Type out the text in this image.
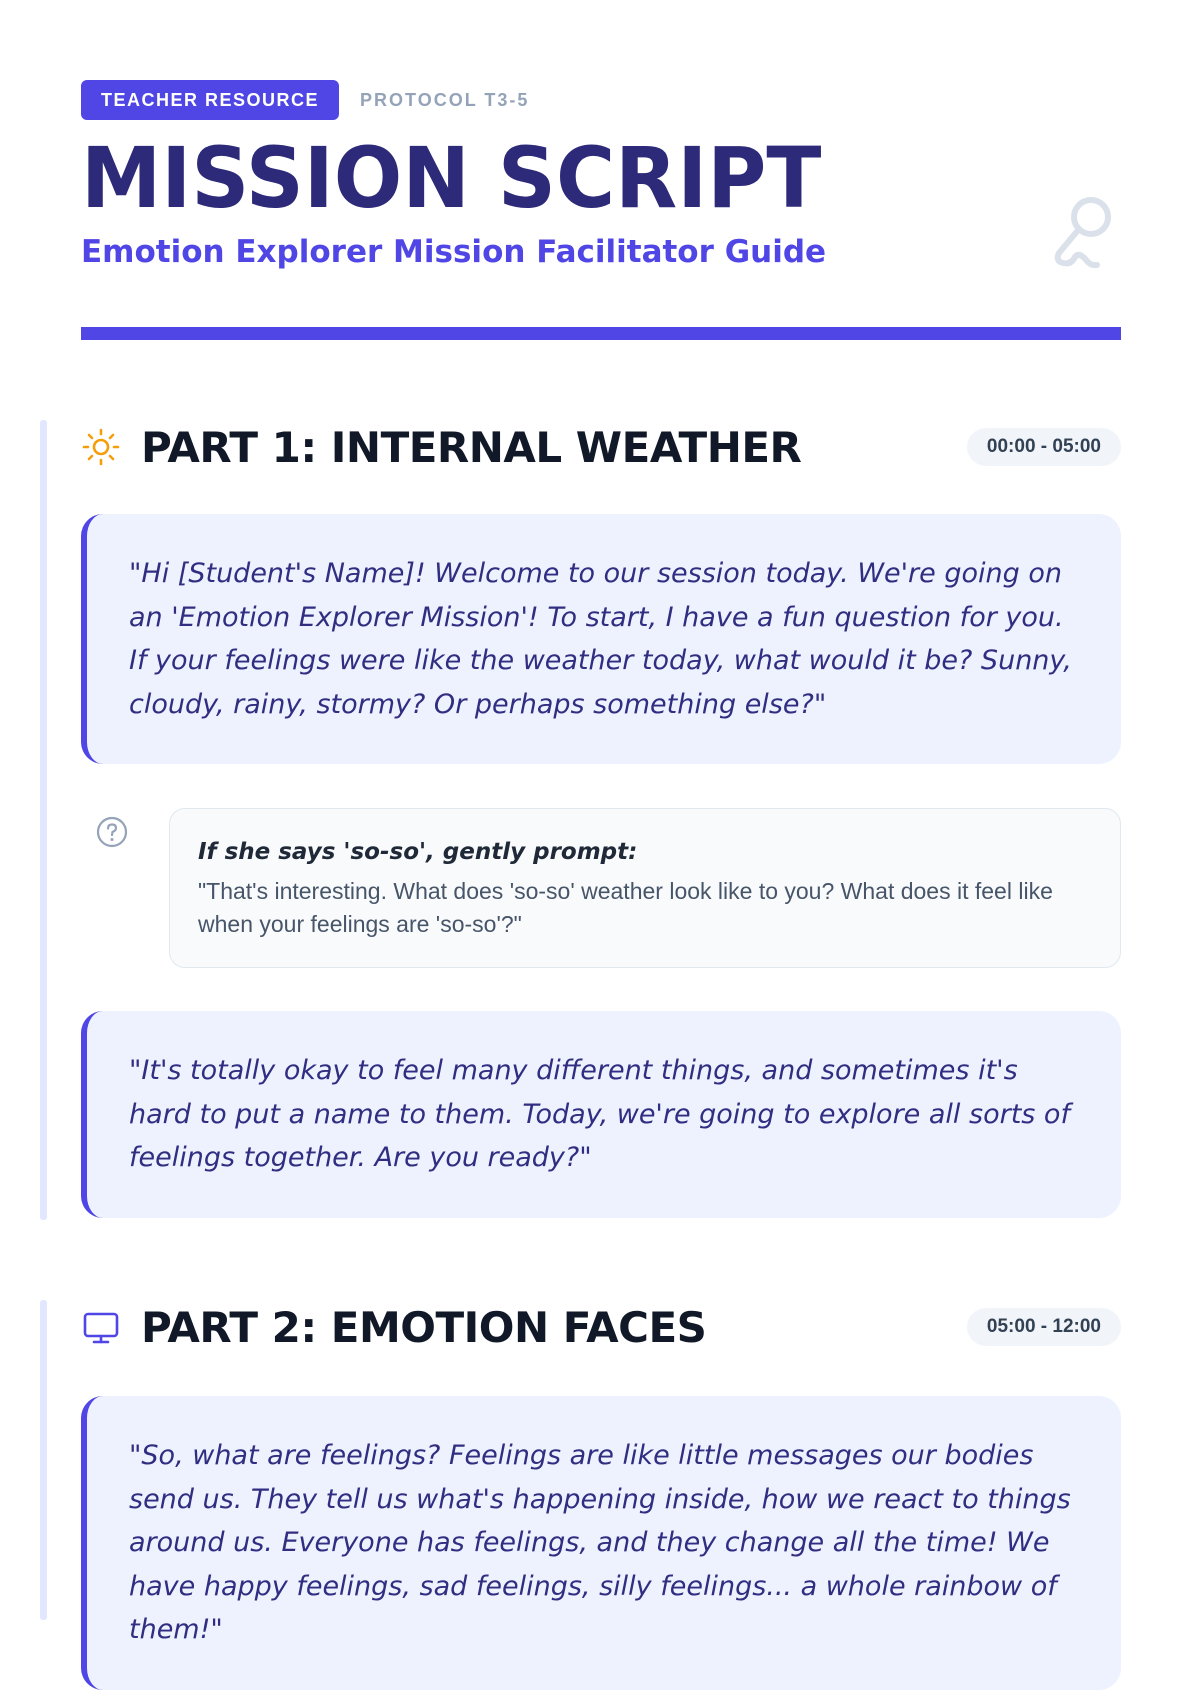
TEACHER RESOURCE	PROTOCOL T3-5
MISSION SCRIPT
Emotion Explorer Mission Facilitator Guide
PART 1: INTERNAL WEATHER	00:00 - 05:00
"Hi [Student's Name]! Welcome to our session today. We're going on an 'Emotion Explorer Mission'! To start, I have a fun question for you. If your feelings were like the weather today, what would it be? Sunny, cloudy, rainy, stormy? Or perhaps something else?"
If she says 'so-so', gently prompt:
"That's interesting. What does 'so-so' weather look like to you? What does it feel like when your feelings are 'so-so'?"
"It's totally okay to feel many different things, and sometimes it's hard to put a name to them. Today, we're going to explore all sorts of feelings together. Are you ready?"
PART 2: EMOTION FACES	05:00 - 12:00
"So, what are feelings? Feelings are like little messages our bodies send us. They tell us what's happening inside, how we react to things around us. Everyone has feelings, and they change all the time! We have happy feelings, sad feelings, silly feelings... a whole rainbow of them!"
